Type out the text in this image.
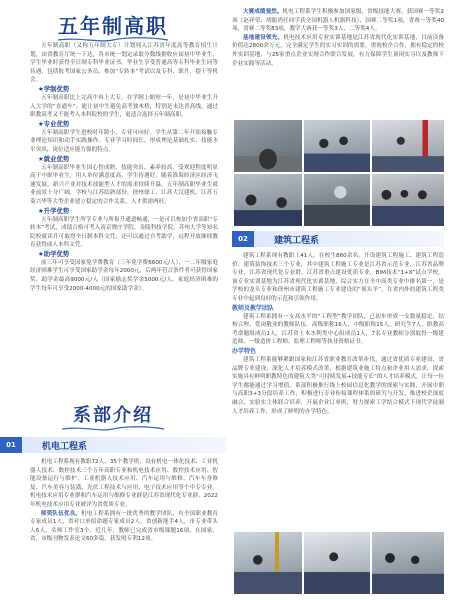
五年制高职

五年制高职（又称五年制大专）计划列入江苏省年度高等教育招生计划，由省教育厅统一下达，各市统一划定录取分数线据收应届初中毕业生，学生毕业时获得全日制专科毕业证书。毕业生享受普通高等专科毕业生同等待遇，包括报考国家公务员、参加“专转本”考试以及专科、职升、提干等机会。

★学制优势

五年制高职比上完高中再上大专，在学制上缩短一年，是初中毕业生升入大学的“直通车”。能让初中生避免高考独木桥，特别是未达普高线，通过职教高考又不能考入本科院校的学生，更适合选择五年制高职。

★专业优势

五年制高职学生进校时年龄小，专业可向好，学生从第二年开始接触专业理论知识和动手实践操作。专业学习时间长，形成理论基础扎实、技能水平突出，岗位适应能力强的特点。

★就业优势

五年制高职毕业生因心智成熟、技能突出、素养较高，受欢迎程度明显高于中职毕业生，用人单位满意度高，学生待遇好。随着淮海经济区经济飞速发展，新兴产业对技术技能型人才的需求持续升温，五年制高职毕业生就业前景十分广阔，学校与江苏结熟部份、徐州徐工、江苏大汉建机、江苏五菱兴华等大型企业建立稳定的合作关系，人才供需两旺。

★升学优势

五年制高职学生所学专业与所报升通道畅通，一是可以参加全省高职“专转本”考试，成绩合格可考入南京晓庄学院、金陵科技学院、苏州大学等知名院校就读升可取得全日制本科文凭；还可以通过自考助学，远程开放继续教育获得成人本科文凭。

★助学优势

前三年可享受国家免学费教育（三年免学费6600元/人），一二年级家庭经济困难学生可享受国家助学金每年2000元，后两年符合条件者可获得国家奖、助学金最高9000元/人（国家励志奖学金5000元/人，家庭经济困难的学生每年可享受2000-4000元的国家助学金）。

系部介绍
01	机电工程系

机电工程系现有教职72人，35个教学班，设有机电一体化技术、工业机器人技术、数控技术三个五年高职专业和机电技术应用、数控技术应用、智能设备运行与维护、工业机器人技术应用、汽车运用与维修、汽车车身修复、汽车美容与装潢、光伏工程技术与应用、电子技术应用等个中专专业。机电技术应用专业群和汽车运用与维修专业群是江苏省现代化专业群。2022年机电技术应用专业被评为省优质专业。

师资队伍优良。机电工程系拥有一批优秀的教学团队，有全国职业教育专家成员1人，省对口单招命题专家成员2人，省创新能手4人，市专业带头人6人，名师工作室3个。近几年，教师已完成省市级课题16项，在国家、省、市级刊物发表论文60多篇，获发明专利12项。

大赛成绩斐然。机电工程系学生积极参加国家级、省级技能大赛，获国赛一等奖2项（赵祥荣、胡聪尚任同学获全国机器人机器科技）、国赛二等奖1项，省赛一等奖40项，省赛二等奖83项，教学大赛获一等奖3人，二等奖4人。

基地建设领先。机电技术应用专业实训基地是江苏省现代化实训基地，目前设备价值达2800余万元，完全满足学生的实习实训的需要。重视校企合作，拥有稳定的校外实训基地，与25家重点企业实现合作联合发展，有力保障学生顶岗实习以及教师下企业实践等活动。

02	建筑工程系

建筑工程系现有教职工41人，在校生860余名。开设建筑工程施工、建筑工程造价、建筑装饰技术三个专业，其中建筑工程施工专业是江苏省示范专业，江苏省品牌专业，江苏省现代化专业群，江苏省重点建设优质专业，BIM技术“1+X”试点学校。该专业实训基地为江苏省现代化实训基地，综合实力在全中高类专业中排名第一，是学校的龙头专业和徐州市建筑工程施工专业建设的“领头羊”，在省内外的建筑工程类专业中起到良好的示范和引领作用。

教师及教学团队

建筑工程系拥有一支高水平的“工程型”教学团队，已初步形成一支数量稳定、结构合理、爱岗敬业的教师队伍。高级职称16人，中级职称15人，研究生7人，职教高考命题组成员1人，江苏省土木水利类中心组成员1人，7名专业教师分别取得一级建造师、一级造价工程师、监理工程师等执业资格证书。

办学特色

建筑工程系能够紧跟国家和江苏省职业教育改革步伐，通过省优质专业建设、省品牌专业建设，深化人才培养模式改革，根据建筑业施工特点和企业用人需求，探索实施具有鲜明职教特色的建筑大类“可持续发展+技能专长”的人才培养模式，让每一位学生都能通过学习增值。系部积极推行线上校园信息化教学的探索与实践，开展中职与高职3+3分段培养工作，积极进行专业衔接课程体系的研究与开发，推进校企深度融合，实验实主体联合培养，开展企业订单班，努力探索工学结合模式下现代学徒制人才培养工作，形成了鲜明的办学特色。
